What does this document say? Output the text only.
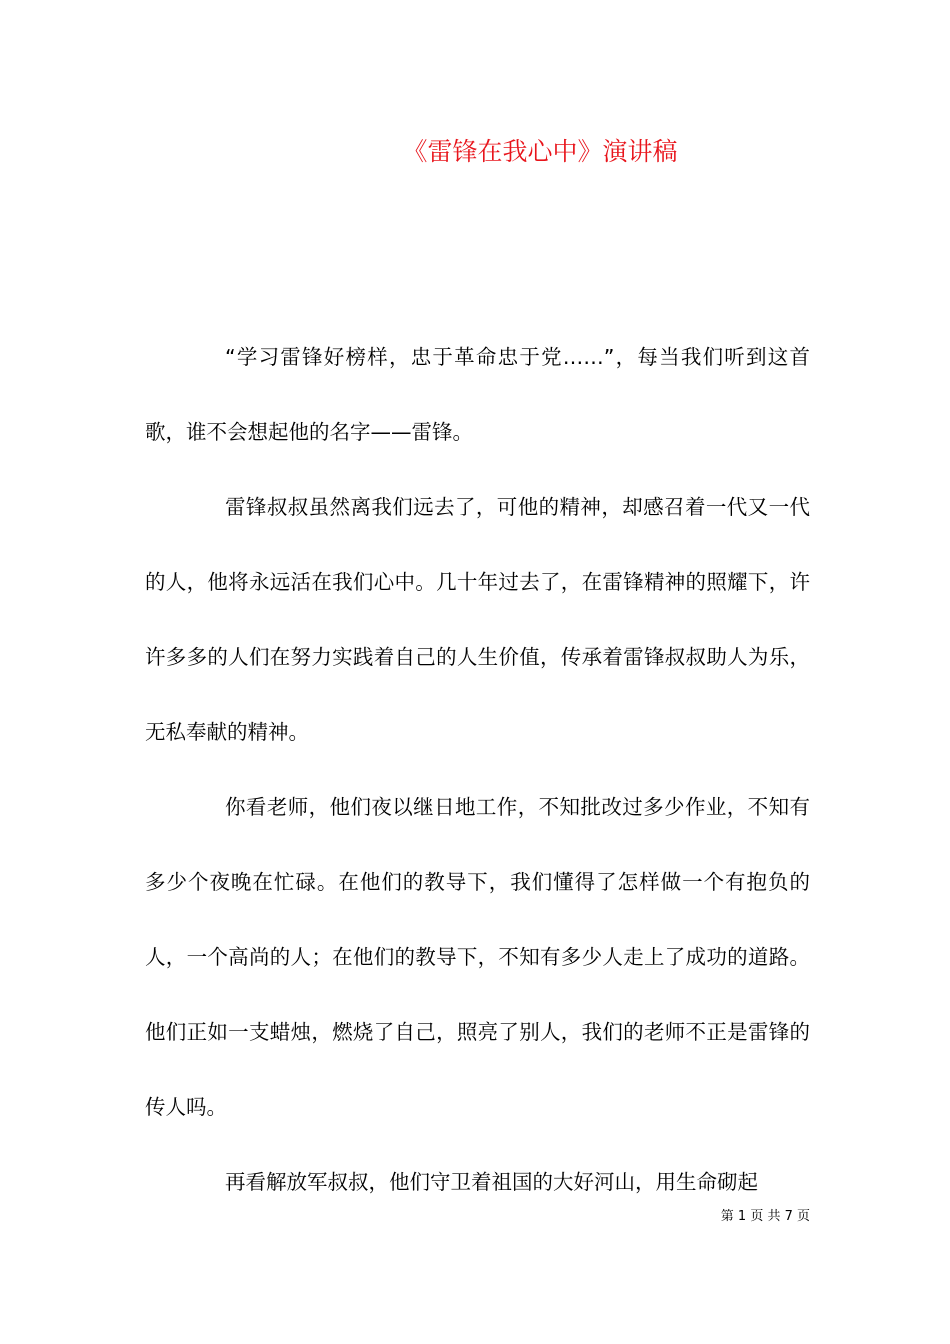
《雷锋在我心中》演讲稿

“学习雷锋好榜样，忠于革命忠于党……”，每当我们听到这首歌，谁不会想起他的名字——雷锋。

雷锋叔叔虽然离我们远去了，可他的精神，却感召着一代又一代的人，他将永远活在我们心中。几十年过去了，在雷锋精神的照耀下，许许多多的人们在努力实践着自己的人生价值，传承着雷锋叔叔助人为乐，无私奉献的精神。

你看老师，他们夜以继日地工作，不知批改过多少作业，不知有多少个夜晚在忙碌。在他们的教导下，我们懂得了怎样做一个有抱负的人，一个高尚的人；在他们的教导下，不知有多少人走上了成功的道路。他们正如一支蜡烛，燃烧了自己，照亮了别人，我们的老师不正是雷锋的传人吗。

再看解放军叔叔，他们守卫着祖国的大好河山，用生命砌起

第 1 页 共 7 页
